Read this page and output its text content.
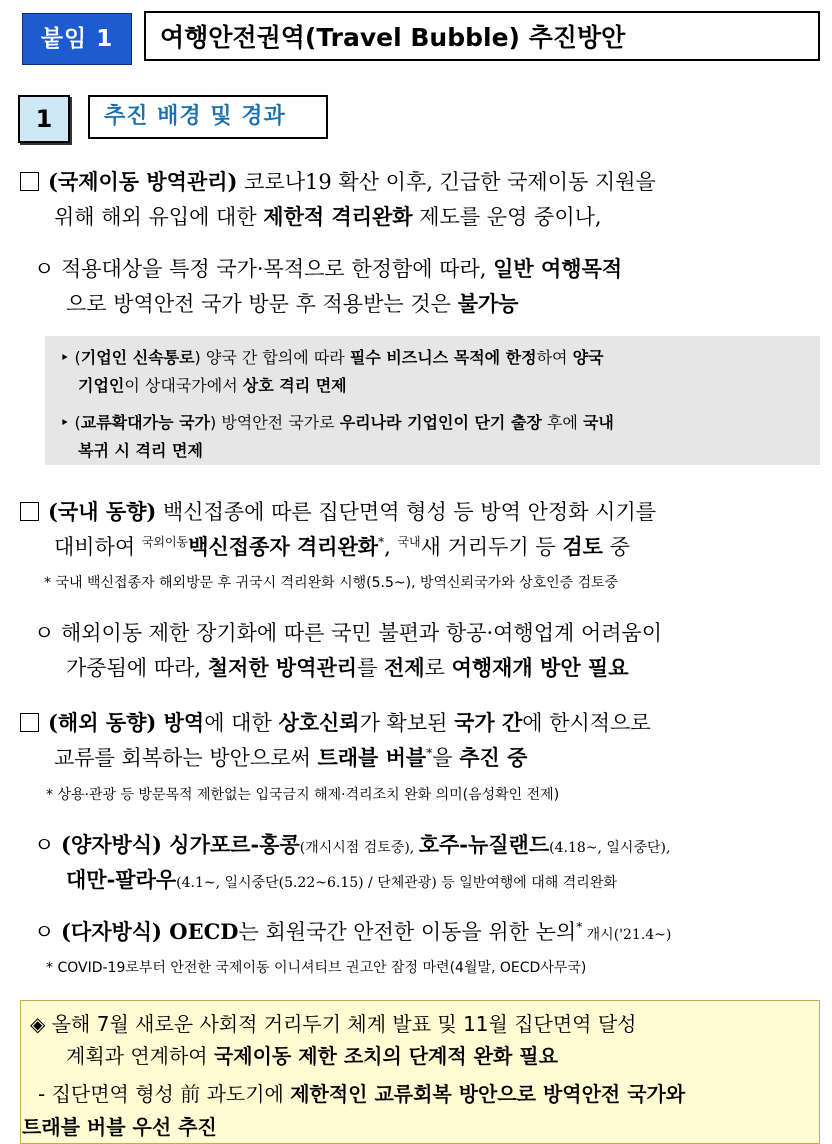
붙임 1	여행안전권역(Travel Bubble) 추진방안
1	추진 배경 및 경과
(국제이동 방역관리) 코로나19 확산 이후, 긴급한 국제이동 지원을
위해 해외 유입에 대한 제한적 격리완화 제도를 운영 중이나,
ㅇ 적용대상을 특정 국가·목적으로 한정함에 따라, 일반 여행목적
으로 방역안전 국가 방문 후 적용받는 것은 불가능
‣ (기업인 신속통로) 양국 간 합의에 따라 필수 비즈니스 목적에 한정하여 양국
기업인이 상대국가에서 상호 격리 면제
‣ (교류확대가능 국가) 방역안전 국가로 우리나라 기업인이 단기 출장 후에 국내
복귀 시 격리 면제
(국내 동향) 백신접종에 따른 집단면역 형성 등 방역 안정화 시기를
대비하여 $^{국외이동}$백신접종자 격리완화*, $^{국내}$새 거리두기 등 검토 중
* 국내 백신접종자 해외방문 후 귀국시 격리완화 시행(5.5~), 방역신뢰국가와 상호인증 검토중
ㅇ 해외이동 제한 장기화에 따른 국민 불편과 항공·여행업계 어려움이
가중됨에 따라, 철저한 방역관리를 전제로 여행재개 방안 필요
(해외 동향) 방역에 대한 상호신뢰가 확보된 국가 간에 한시적으로
교류를 회복하는 방안으로써 트래블 버블*을 추진 중
* 상용·관광 등 방문목적 제한없는 입국금지 해제·격리조치 완화 의미(음성확인 전제)
ㅇ (양자방식) 싱가포르-홍콩(개시시점 검토중), 호주-뉴질랜드(4.18~, 일시중단),
대만-팔라우(4.1~, 일시중단(5.22~6.15) / 단체관광) 등 일반여행에 대해 격리완화
ㅇ (다자방식) OECD는 회원국간 안전한 이동을 위한 논의* 개시('21.4~)
* COVID-19로부터 안전한 국제이동 이니셔티브 권고안 잠정 마련(4월말, OECD사무국)
◈ 올해 7월 새로운 사회적 거리두기 체계 발표 및 11월 집단면역 달성
계획과 연계하여 국제이동 제한 조치의 단계적 완화 필요
- 집단면역 형성 前 과도기에 제한적인 교류회복 방안으로 방역안전 국가와
트래블 버블 우선 추진
